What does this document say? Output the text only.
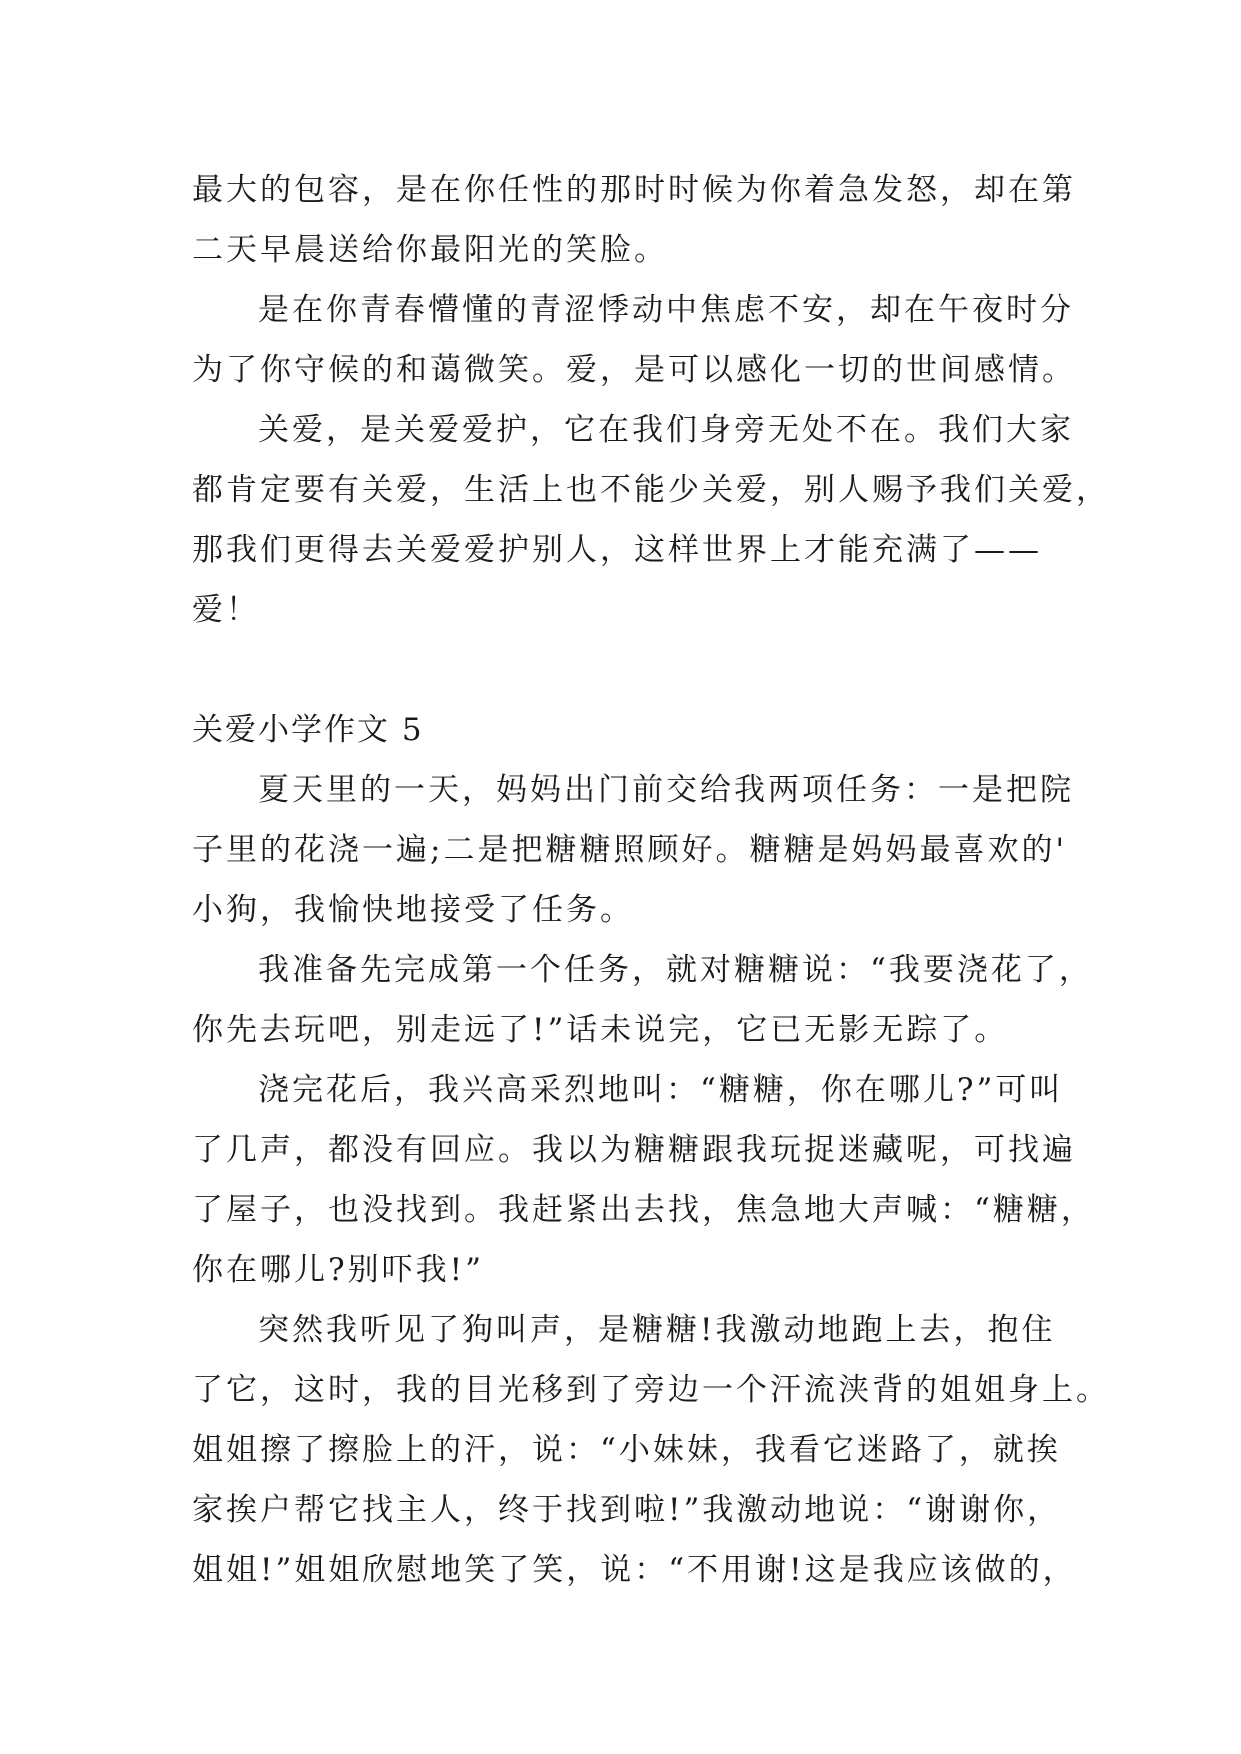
最大的包容，是在你任性的那时时候为你着急发怒，却在第
二天早晨送给你最阳光的笑脸。
是在你青春懵懂的青涩悸动中焦虑不安，却在午夜时分
为了你守候的和蔼微笑。爱，是可以感化一切的世间感情。
关爱，是关爱爱护，它在我们身旁无处不在。我们大家
都肯定要有关爱，生活上也不能少关爱，别人赐予我们关爱，
那我们更得去关爱爱护别人，这样世界上才能充满了——
爱！
关爱小学作文 5
夏天里的一天，妈妈出门前交给我两项任务：一是把院
子里的花浇一遍;二是把糖糖照顾好。糖糖是妈妈最喜欢的'
小狗，我愉快地接受了任务。
我准备先完成第一个任务，就对糖糖说：“我要浇花了，
你先去玩吧，别走远了!”话未说完，它已无影无踪了。
浇完花后，我兴高采烈地叫：“糖糖，你在哪儿?”可叫
了几声，都没有回应。我以为糖糖跟我玩捉迷藏呢，可找遍
了屋子，也没找到。我赶紧出去找，焦急地大声喊：“糖糖，
你在哪儿?别吓我!”
突然我听见了狗叫声，是糖糖!我激动地跑上去，抱住
了它，这时，我的目光移到了旁边一个汗流浃背的姐姐身上。
姐姐擦了擦脸上的汗，说：“小妹妹，我看它迷路了，就挨
家挨户帮它找主人，终于找到啦!”我激动地说：“谢谢你，
姐姐!”姐姐欣慰地笑了笑，说：“不用谢!这是我应该做的，
